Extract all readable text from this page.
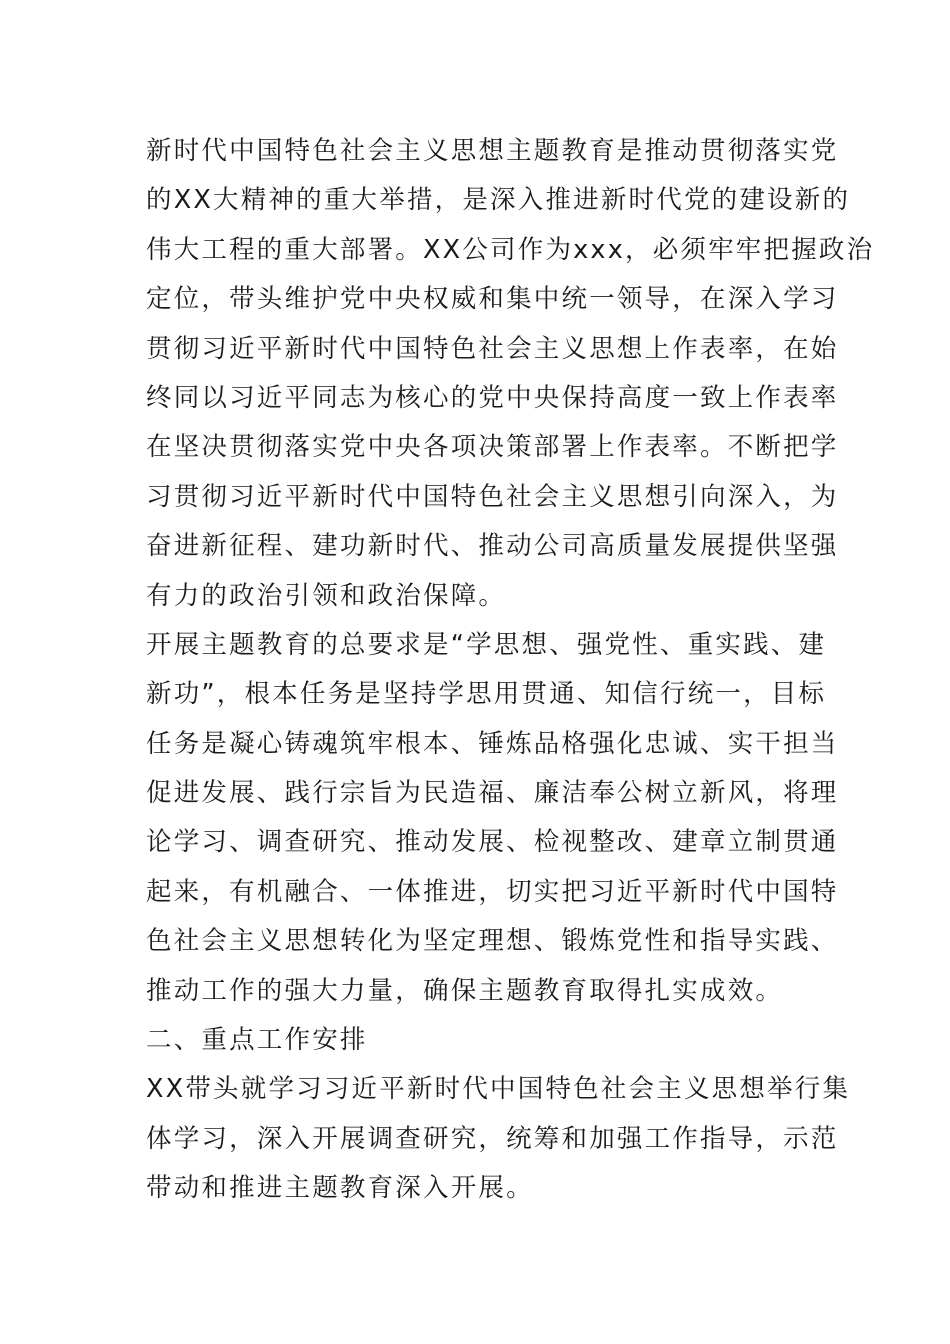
新时代中国特色社会主义思想主题教育是推动贯彻落实党
的XX大精神的重大举措，是深入推进新时代党的建设新的
伟大工程的重大部署。XX公司作为xxx，必须牢牢把握政治
定位，带头维护党中央权威和集中统一领导，在深入学习
贯彻习近平新时代中国特色社会主义思想上作表率，在始
终同以习近平同志为核心的党中央保持高度一致上作表率
在坚决贯彻落实党中央各项决策部署上作表率。不断把学
习贯彻习近平新时代中国特色社会主义思想引向深入，为
奋进新征程、建功新时代、推动公司高质量发展提供坚强
有力的政治引领和政治保障。
开展主题教育的总要求是“学思想、强党性、重实践、建
新功”，根本任务是坚持学思用贯通、知信行统一，目标
任务是凝心铸魂筑牢根本、锤炼品格强化忠诚、实干担当
促进发展、践行宗旨为民造福、廉洁奉公树立新风，将理
论学习、调查研究、推动发展、检视整改、建章立制贯通
起来，有机融合、一体推进，切实把习近平新时代中国特
色社会主义思想转化为坚定理想、锻炼党性和指导实践、
推动工作的强大力量，确保主题教育取得扎实成效。
二、重点工作安排
XX带头就学习习近平新时代中国特色社会主义思想举行集
体学习，深入开展调查研究，统筹和加强工作指导，示范
带动和推进主题教育深入开展。
